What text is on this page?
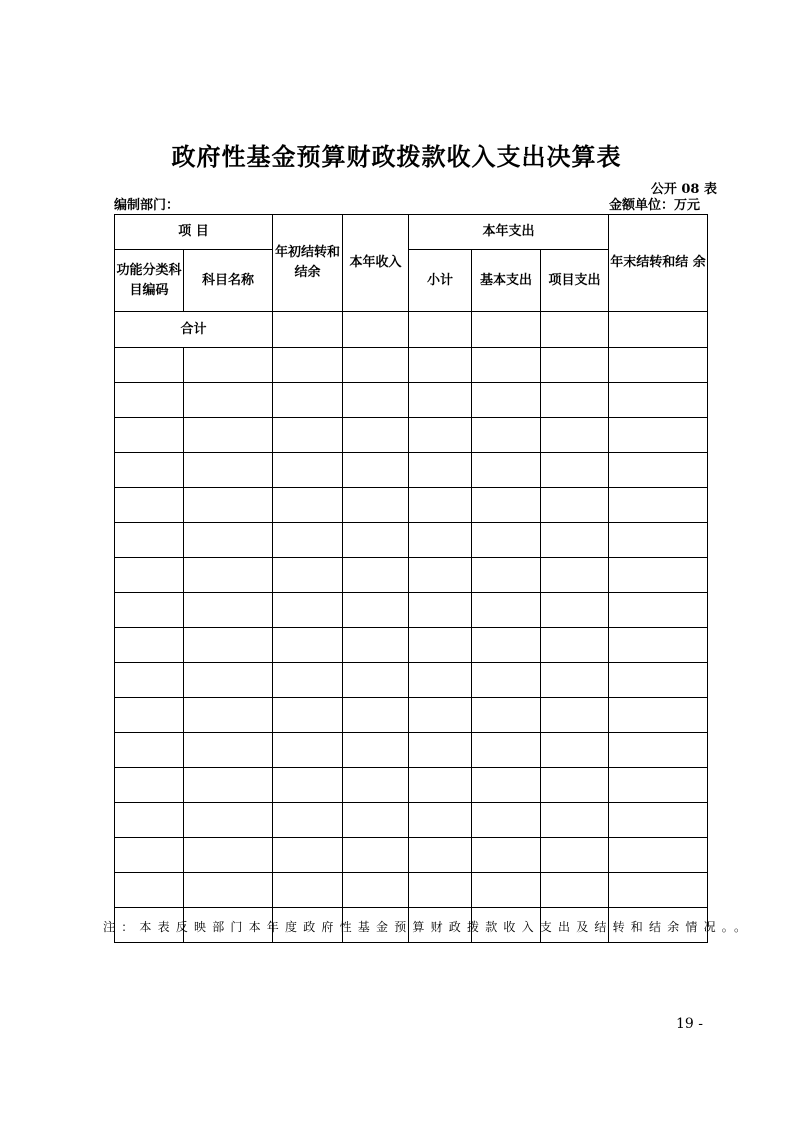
政府性基金预算财政拨款收入支出决算表
公开 08 表
编制部门：	金额单位：万元
项 目		年初结转和结余	本年收入	本年支出			年末结转和结 余
功能分类科目编码	科目名称			小计	基本支出	项目支出	
合计							

注：本表反映部门本年度政府性基金预算财政拨款收入支出及结转和结余情况。。
19 -
